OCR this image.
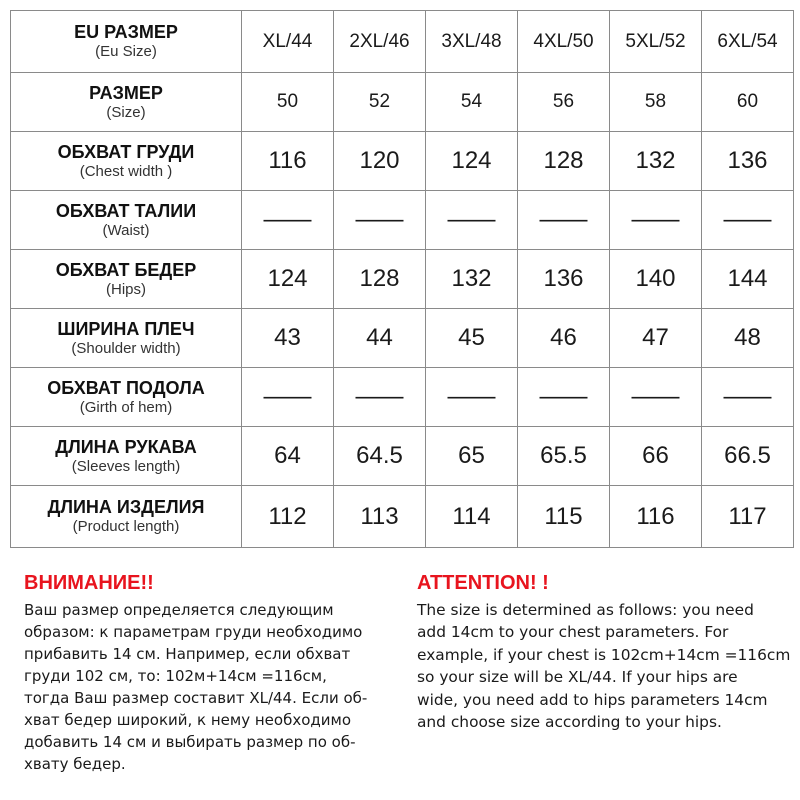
EU РАЗМЕР
(Eu Size)	XL/44	2XL/46	3XL/48	4XL/50	5XL/52	6XL/54

РАЗМЕР
(Size)	50	52	54	56	58	60

ОБХВАТ ГРУДИ
(Chest width )	116	120	124	128	132	136

ОБХВАТ ТАЛИИ
(Waist)	——	——	——	——	——	——

ОБХВАТ БЕДЕР
(Hips)	124	128	132	136	140	144

ШИРИНА ПЛЕЧ
(Shoulder width)	43	44	45	46	47	48

ОБХВАТ ПОДОЛА
(Girth of hem)	——	——	——	——	——	——

ДЛИНА РУКАВА
(Sleeves length)	64	64.5	65	65.5	66	66.5

ДЛИНА ИЗДЕЛИЯ
(Product length)	112	113	114	115	116	117
ВНИМАНИЕ!!
Ваш размер определяется следующим
образом: к параметрам груди необходимо
прибавить 14 см. Например, если обхват
груди 102 см, то: 102м+14см =116см,
тогда Ваш размер составит XL/44. Если об-
хват бедер широкий, к нему необходимо
добавить 14 см и выбирать размер по об-
хвату бедер.
ATTENTION! !
The size is determined as follows: you need
add 14cm to your chest parameters. For
example, if your chest is 102cm+14cm =116cm
so your size will be XL/44. If your hips are
wide, you need add to hips parameters 14cm
and choose size according to your hips.
